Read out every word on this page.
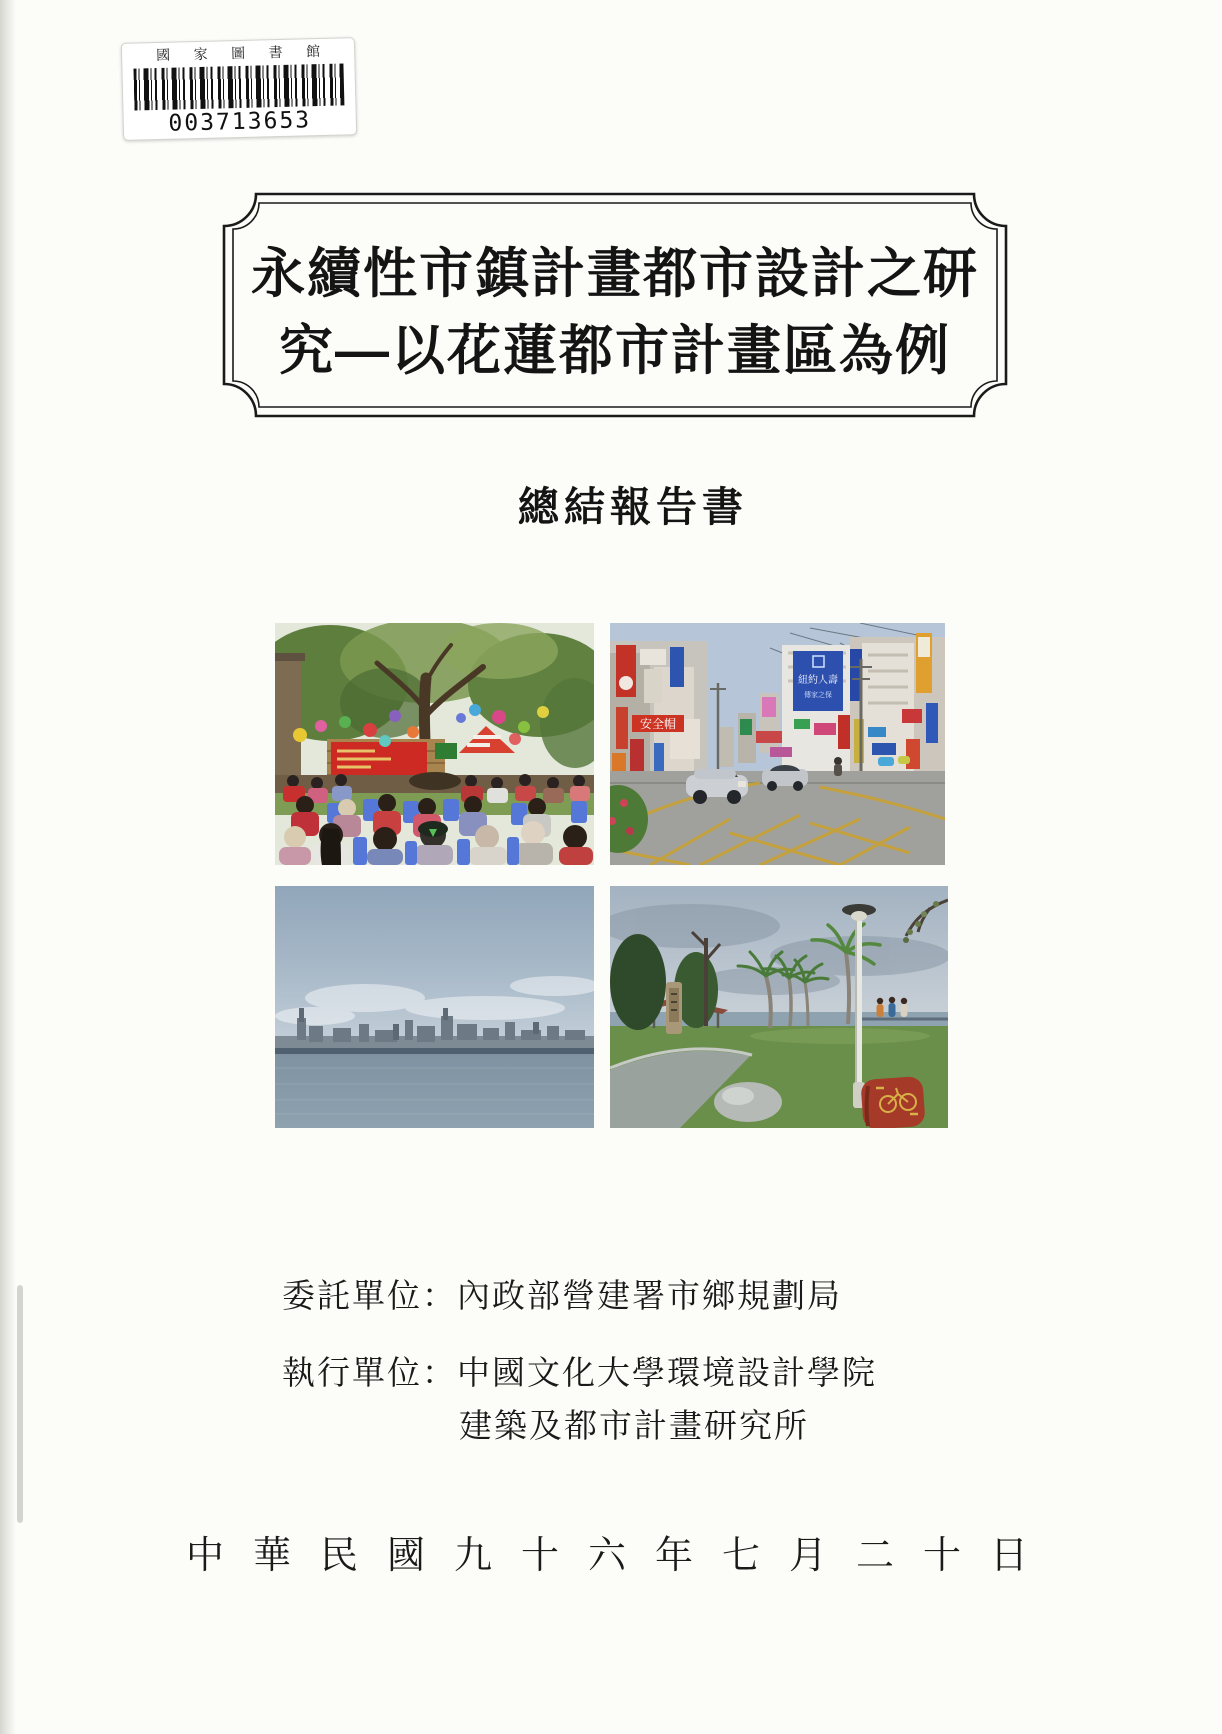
國 家 圖 書 館
003713653
永續性市鎮計畫都市設計之研
究—以花蓮都市計畫區為例
總結報告書
安全帽
紐約人壽
傳家之保
委託單位：內政部營建署市鄉規劃局
執行單位：中國文化大學環境設計學院
建築及都市計畫研究所
中華民國九十六年七月二十日
